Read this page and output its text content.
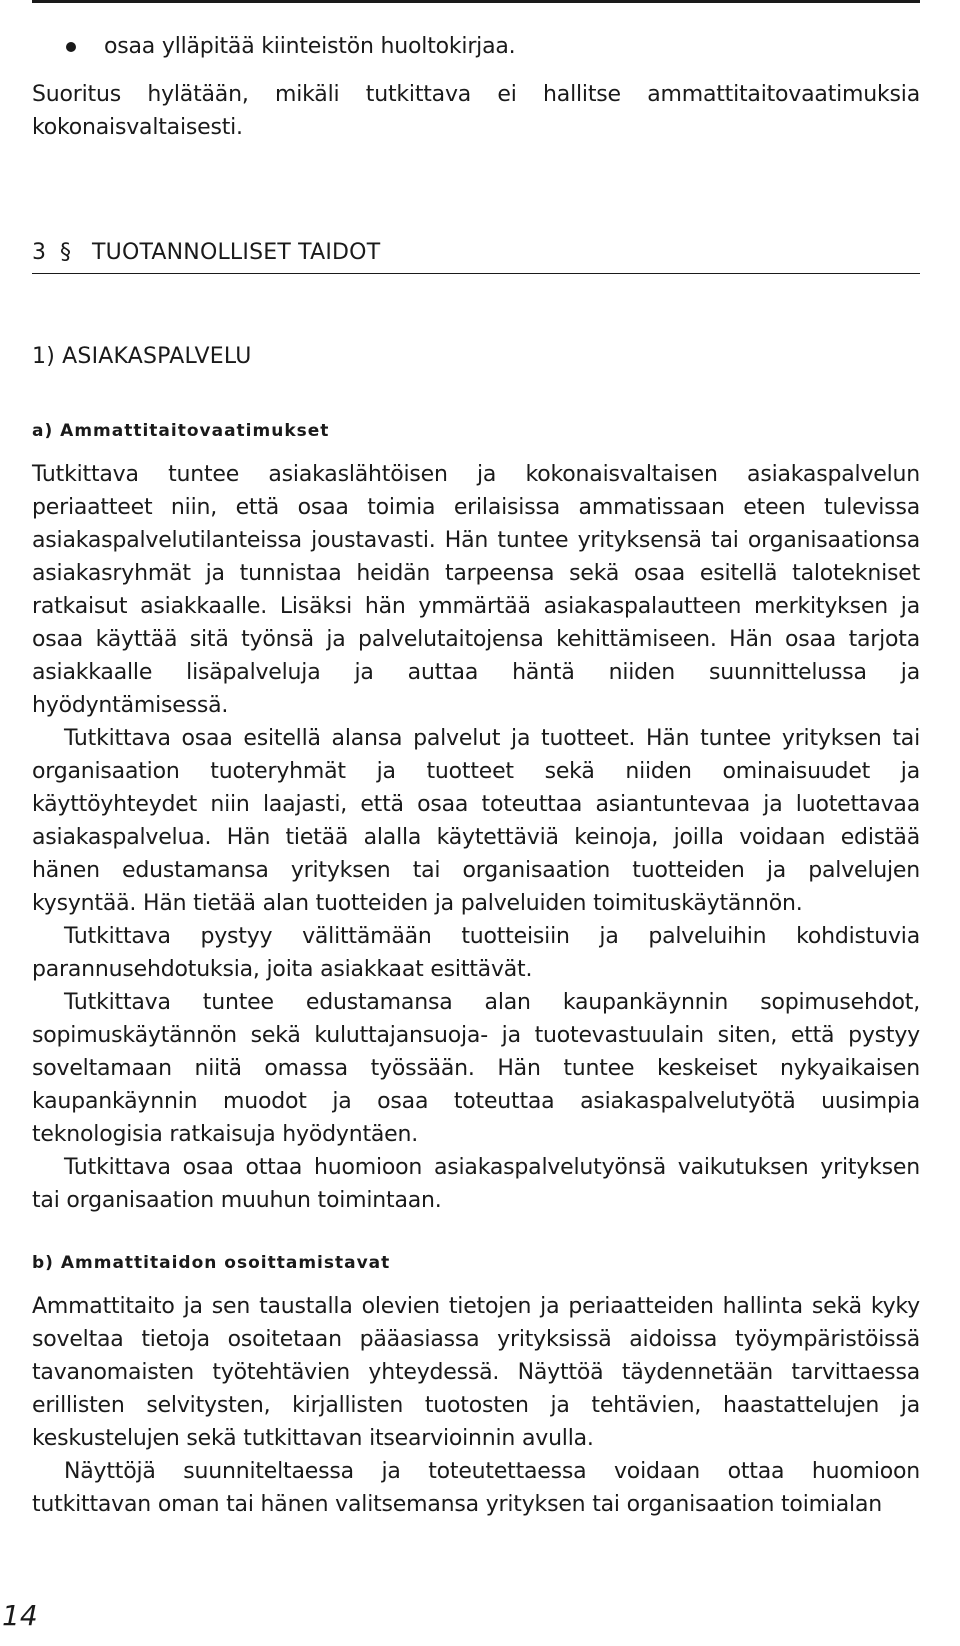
osaa ylläpitää kiinteistön huoltokirjaa.

Suoritus hylätään, mikäli tutkittava ei hallitse ammattitaitovaatimuksia kokonaisvaltaisesti.

3 § TUOTANNOLLISET TAIDOT
1) ASIAKASPALVELU
a) Ammattitaitovaatimukset

Tutkittava tuntee asiakaslähtöisen ja kokonaisvaltaisen asiakaspalvelun periaatteet niin, että osaa toimia erilaisissa ammatissaan eteen tulevissa asiakaspalvelutilanteissa joustavasti. Hän tuntee yrityksensä tai organisaationsa asiakasryhmät ja tunnistaa heidän tarpeensa sekä osaa esitellä talotekniset ratkaisut asiakkaalle. Lisäksi hän ymmärtää asiakaspalautteen merkityksen ja osaa käyttää sitä työnsä ja palvelutaitojensa kehittämiseen. Hän osaa tarjota asiakkaalle lisäpalveluja ja auttaa häntä niiden suunnittelussa ja hyödyntämisessä.

Tutkittava osaa esitellä alansa palvelut ja tuotteet. Hän tuntee yrityksen tai organisaation tuoteryhmät ja tuotteet sekä niiden ominaisuudet ja käyttöyhteydet niin laajasti, että osaa toteuttaa asiantuntevaa ja luotettavaa asiakaspalvelua. Hän tietää alalla käytettäviä keinoja, joilla voidaan edistää hänen edustamansa yrityksen tai organisaation tuotteiden ja palvelujen kysyntää. Hän tietää alan tuotteiden ja palveluiden toimituskäytännön.

Tutkittava pystyy välittämään tuotteisiin ja palveluihin kohdistuvia parannusehdotuksia, joita asiakkaat esittävät.

Tutkittava tuntee edustamansa alan kaupankäynnin sopimusehdot, sopimuskäytännön sekä kuluttajansuoja- ja tuotevastuulain siten, että pystyy soveltamaan niitä omassa työssään. Hän tuntee keskeiset nykyaikaisen kaupankäynnin muodot ja osaa toteuttaa asiakaspalvelutyötä uusimpia teknologisia ratkaisuja hyödyntäen.

Tutkittava osaa ottaa huomioon asiakaspalvelutyönsä vaikutuksen yrityksen tai organisaation muuhun toimintaan.

b) Ammattitaidon osoittamistavat

Ammattitaito ja sen taustalla olevien tietojen ja periaatteiden hallinta sekä kyky soveltaa tietoja osoitetaan pääasiassa yrityksissä aidoissa työympäristöissä tavanomaisten työtehtävien yhteydessä. Näyttöä täydennetään tarvittaessa erillisten selvitysten, kirjallisten tuotosten ja tehtävien, haastattelujen ja keskustelujen sekä tutkittavan itsearvioinnin avulla.

Näyttöjä suunniteltaessa ja toteutettaessa voidaan ottaa huomioon tutkittavan oman tai hänen valitsemansa yrityksen tai organisaation toimialan

14
